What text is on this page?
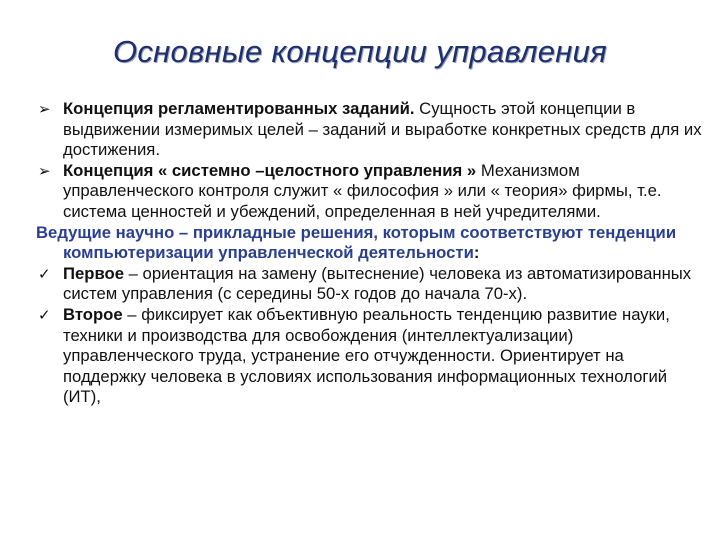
Основные концепции управления

➢ Концепция регламентированных заданий. Сущность этой концепции в выдвижении измеримых целей – заданий и выработке конкретных средств для их достижения.

➢ Концепция « системно –целостного управления » Механизмом управленческого контроля служит « философия » или « теория» фирмы, т.е. система ценностей и убеждений, определенная в ней учредителями.

Ведущие научно – прикладные решения, которым соответствуют тенденции компьютеризации управленческой деятельности:

✓ Первое – ориентация на замену (вытеснение) человека из автоматизированных систем управления (с середины 50-х годов до начала 70-х).

✓ Второе – фиксирует как объективную реальность тенденцию развитие науки, техники и производства для освобождения (интеллектуализации) управленческого труда, устранение его отчужденности. Ориентирует на поддержку человека в условиях использования информационных технологий (ИТ),
